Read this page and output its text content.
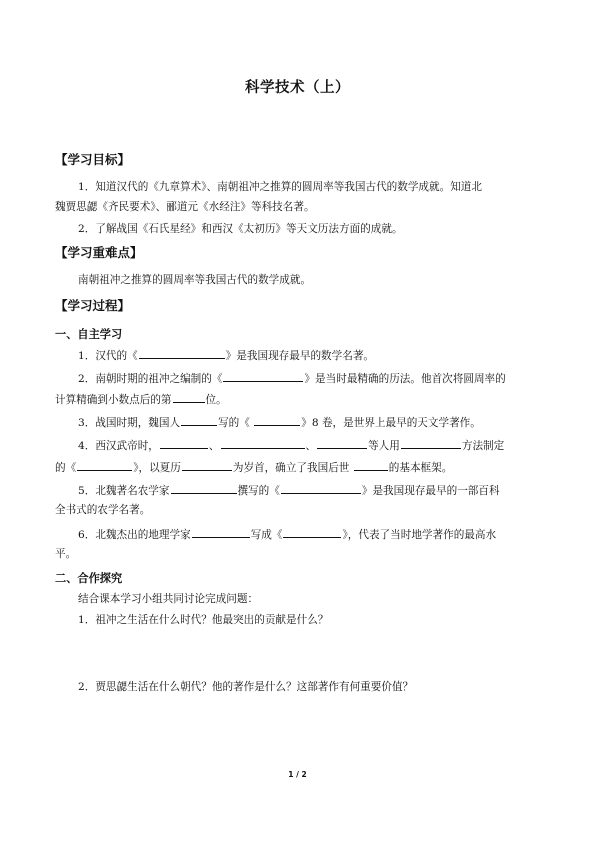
科学技术（上）
【学习目标】
1．知道汉代的《九章算术》、南朝祖冲之推算的圆周率等我国古代的数学成就。知道北
魏贾思勰《齐民要术》、郦道元《水经注》等科技名著。
2．了解战国《石氏星经》和西汉《太初历》等天文历法方面的成就。
【学习重难点】
南朝祖冲之推算的圆周率等我国古代的数学成就。
【学习过程】
一、自主学习
1．汉代的《	》是我国现存最早的数学名著。
2．南朝时期的祖冲之编制的《	》是当时最精确的历法。他首次将圆周率的
计算精确到小数点后的第	位。
3．战国时期，魏国人	写的《	》8 卷，是世界上最早的天文学著作。
4．西汉武帝时，	、	、	等人用	方法制定
的《	》，以夏历	为岁首，确立了我国后世	的基本框架。
5．北魏著名农学家	撰写的《	》是我国现存最早的一部百科
全书式的农学名著。
6．北魏杰出的地理学家	写成《	》，代表了当时地学著作的最高水
平。
二、合作探究
结合课本学习小组共同讨论完成问题：
1．祖冲之生活在什么时代？他最突出的贡献是什么？
2．贾思勰生活在什么朝代？他的著作是什么？这部著作有何重要价值？
1 / 2
